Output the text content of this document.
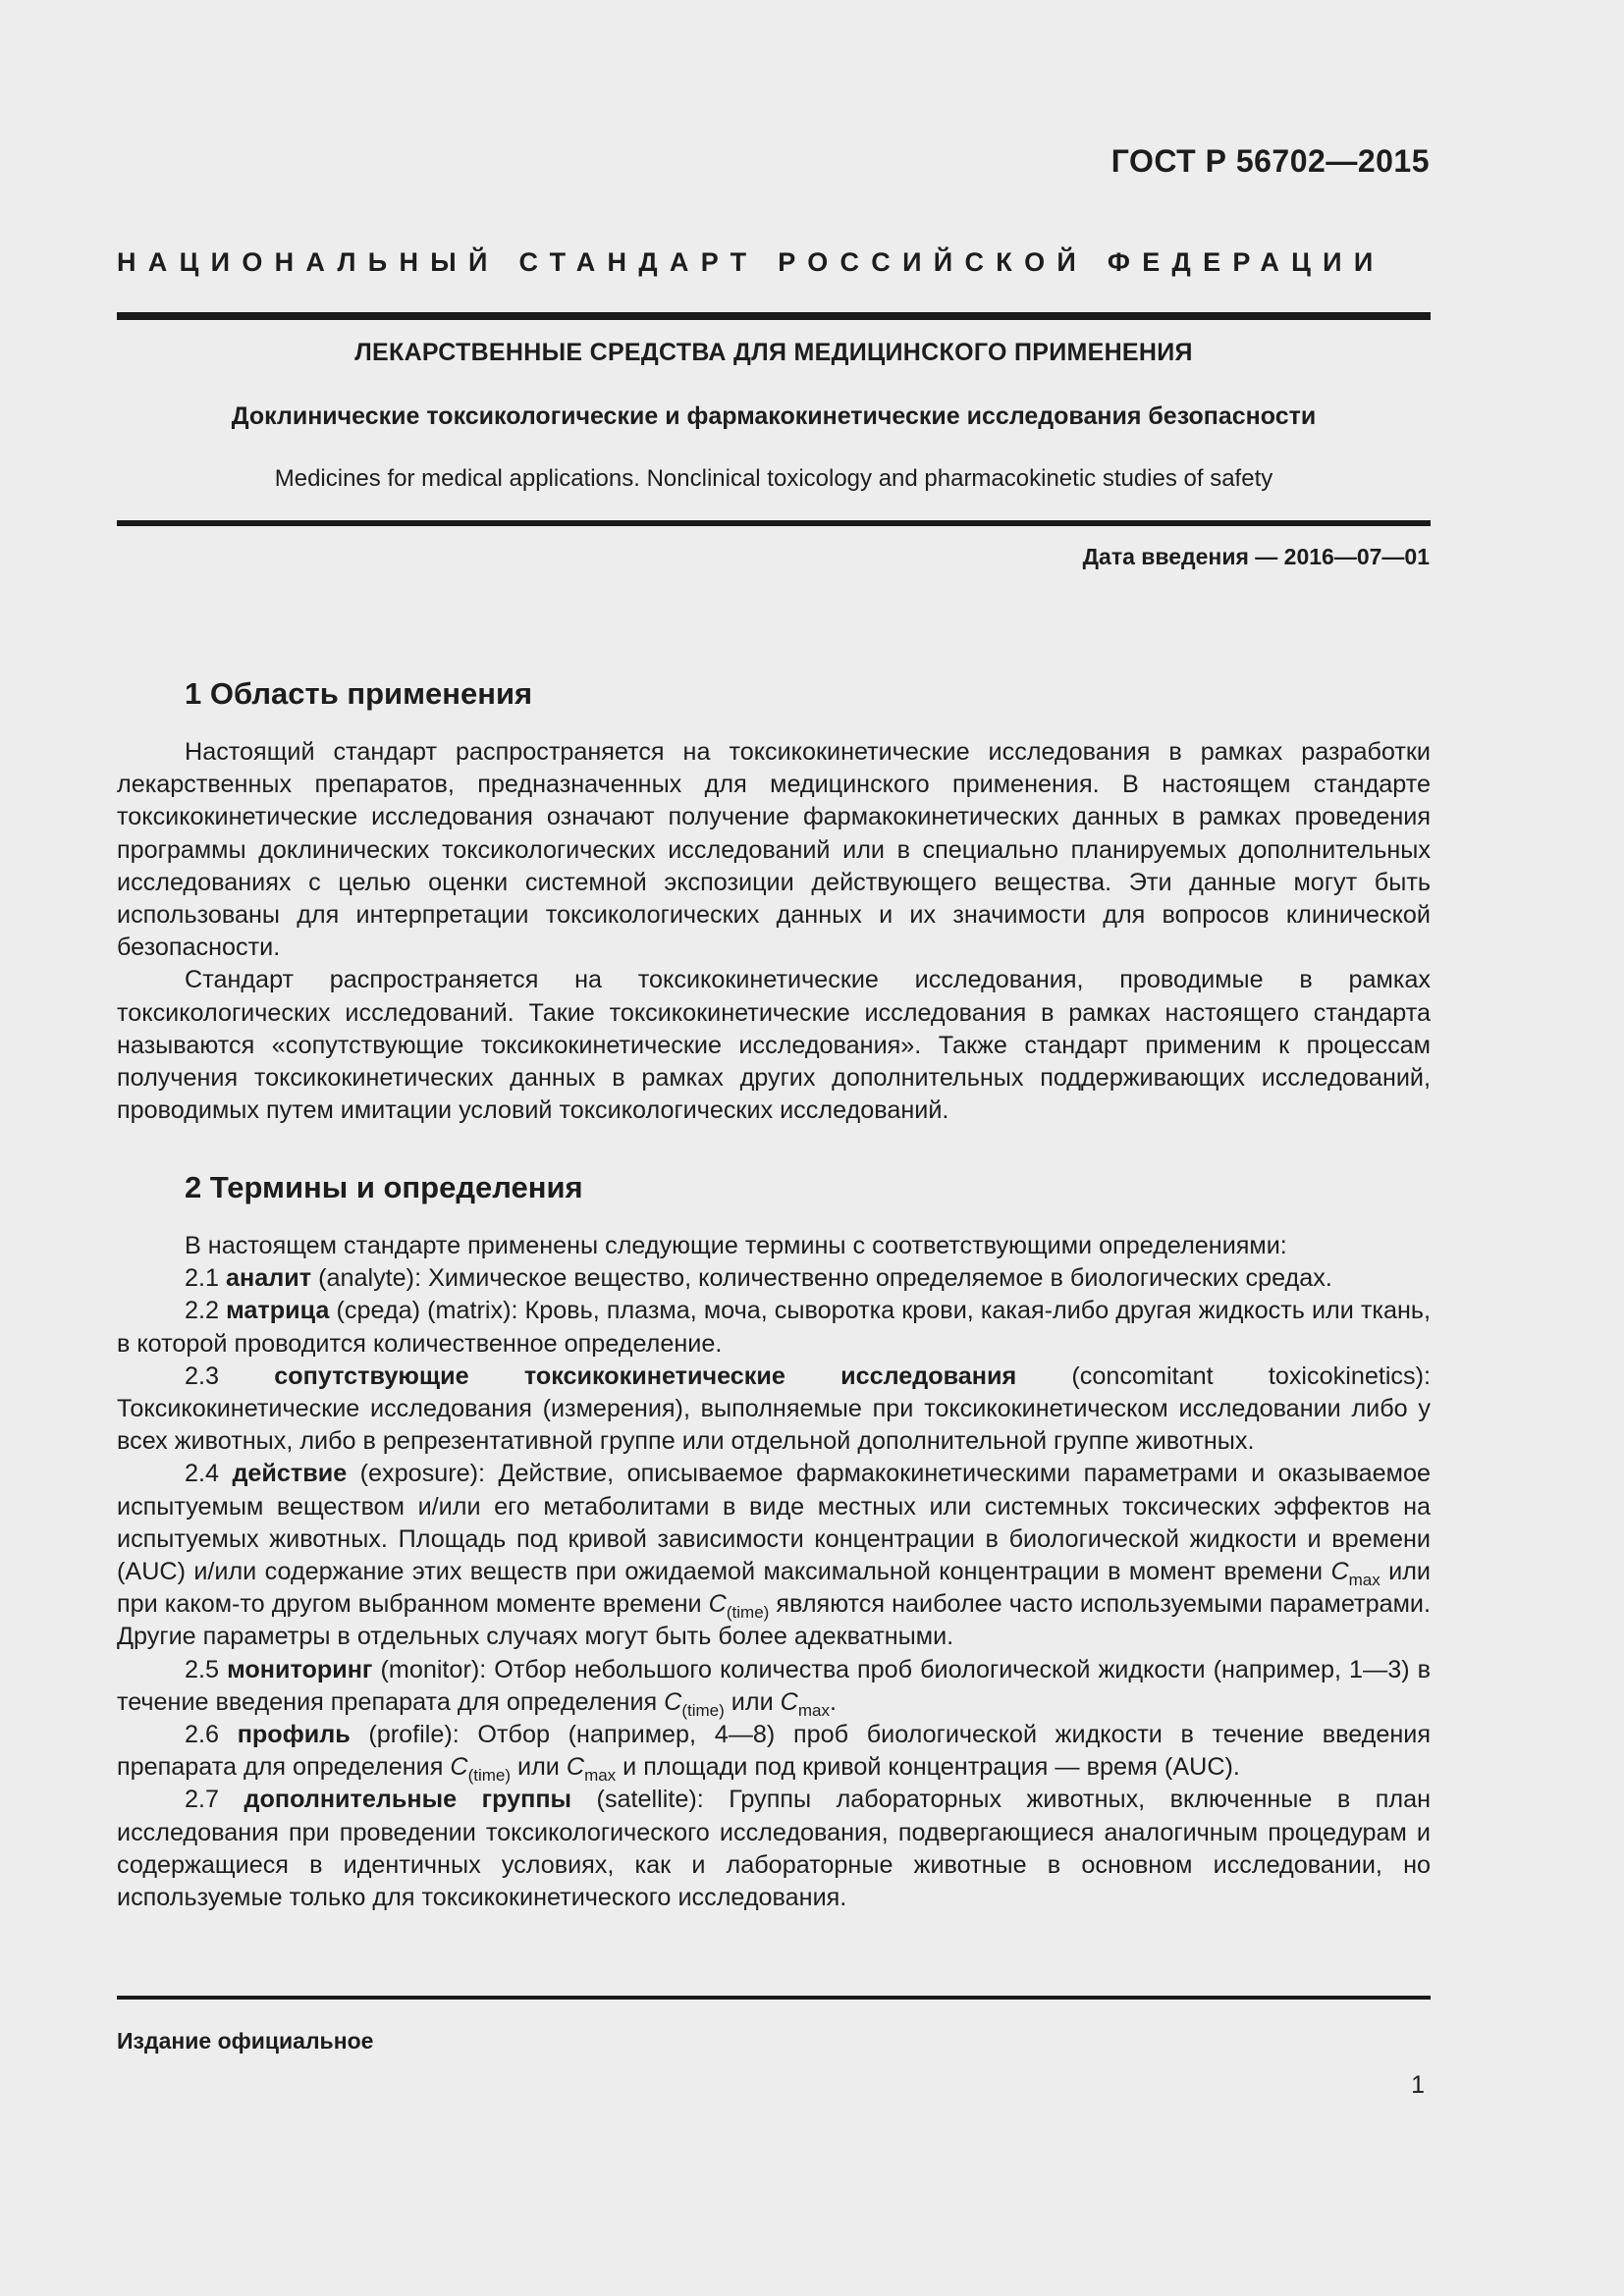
ГОСТ Р 56702—2015
НАЦИОНАЛЬНЫЙ СТАНДАРТ РОССИЙСКОЙ ФЕДЕРАЦИИ
ЛЕКАРСТВЕННЫЕ СРЕДСТВА ДЛЯ МЕДИЦИНСКОГО ПРИМЕНЕНИЯ
Доклинические токсикологические и фармакокинетические исследования безопасности
Medicines for medical applications. Nonclinical toxicology and pharmacokinetic studies of safety
Дата введения — 2016—07—01
1 Область применения

Настоящий стандарт распространяется на токсикокинетические исследования в рамках разработки лекарственных препаратов, предназначенных для медицинского применения. В настоящем стандарте токсикокинетические исследования означают получение фармакокинетических данных в рамках проведения программы доклинических токсикологических исследований или в специально планируемых дополнительных исследованиях с целью оценки системной экспозиции действующего вещества. Эти данные могут быть использованы для интерпретации токсикологических данных и их значимости для вопросов клинической безопасности.

Стандарт распространяется на токсикокинетические исследования, проводимые в рамках токсикологических исследований. Такие токсикокинетические исследования в рамках настоящего стандарта называются «сопутствующие токсикокинетические исследования». Также стандарт применим к процессам получения токсикокинетических данных в рамках других дополнительных поддерживающих исследований, проводимых путем имитации условий токсикологических исследований.

2 Термины и определения

В настоящем стандарте применены следующие термины с соответствующими определениями:

2.1 аналит (analyte): Химическое вещество, количественно определяемое в биологических средах.

2.2 матрица (среда) (matrix): Кровь, плазма, моча, сыворотка крови, какая-либо другая жидкость или ткань, в которой проводится количественное определение.

2.3 сопутствующие токсикокинетические исследования (concomitant toxicokinetics): Токсикокинетические исследования (измерения), выполняемые при токсикокинетическом исследовании либо у всех животных, либо в репрезентативной группе или отдельной дополнительной группе животных.

2.4 действие (exposure): Действие, описываемое фармакокинетическими параметрами и оказываемое испытуемым веществом и/или его метаболитами в виде местных или системных токсических эффектов на испытуемых животных. Площадь под кривой зависимости концентрации в биологической жидкости и времени (AUC) и/или содержание этих веществ при ожидаемой максимальной концентрации в момент времени $C_{max}$ или при каком-то другом выбранном моменте времени $C_{(time)}$ являются наиболее часто используемыми параметрами. Другие параметры в отдельных случаях могут быть более адекватными.

2.5 мониторинг (monitor): Отбор небольшого количества проб биологической жидкости (например, 1—3) в течение введения препарата для определения $C_{(time)}$ или $C_{max}$.

2.6 профиль (profile): Отбор (например, 4—8) проб биологической жидкости в течение введения препарата для определения $C_{(time)}$ или $C_{max}$ и площади под кривой концентрация — время (AUC).

2.7 дополнительные группы (satellite): Группы лабораторных животных, включенные в план исследования при проведении токсикологического исследования, подвергающиеся аналогичным процедурам и содержащиеся в идентичных условиях, как и лабораторные животные в основном исследовании, но используемые только для токсикокинетического исследования.

Издание официальное
1
